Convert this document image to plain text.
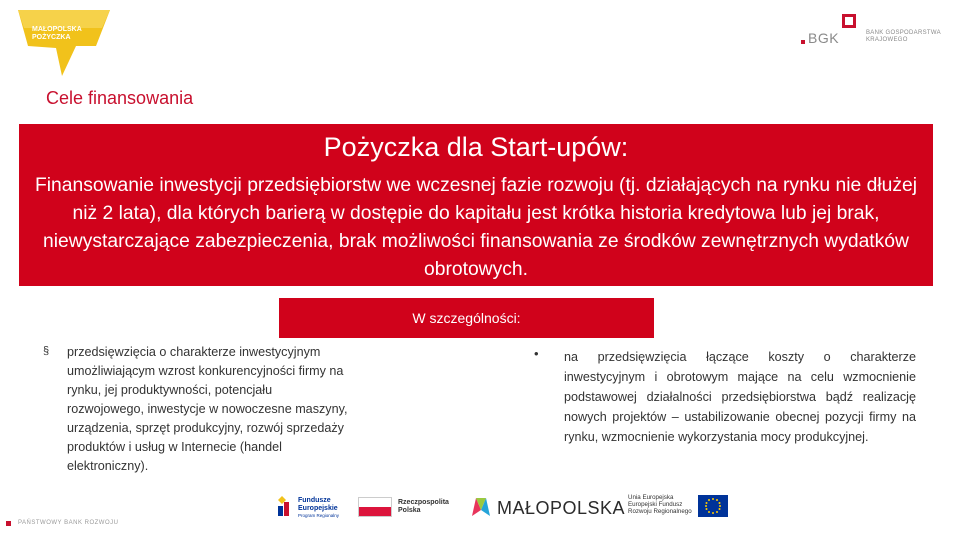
MAŁOPOLSKA POŻYCZKA	BGK	BANK GOSPODARSTWA KRAJOWEGO
Cele finansowania
Pożyczka dla Start-upów:
Finansowanie inwestycji przedsiębiorstw we wczesnej fazie rozwoju (tj. działających na rynku nie dłużej niż 2 lata), dla których barierą w dostępie do kapitału jest krótka historia kredytowa lub jej brak, niewystarczające zabezpieczenia, brak możliwości finansowania ze środków zewnętrznych wydatków obrotowych.
W szczególności:
§ przedsięwzięcia o charakterze inwestycyjnym umożliwiającym wzrost konkurencyjności firmy na rynku, jej produktywności, potencjału rozwojowego, inwestycje w nowoczesne maszyny, urządzenia, sprzęt produkcyjny, rozwój sprzedaży produktów i usług w Internecie (handel elektroniczny).
• na przedsięwzięcia łączące koszty o charakterze inwestycyjnym i obrotowym mające na celu wzmocnienie podstawowej działalności przedsiębiorstwa bądź realizację nowych projektów – ustabilizowanie obecnej pozycji firmy na rynku, wzmocnienie wykorzystania mocy produkcyjnej.
PAŃSTWOWY BANK ROZWOJU
Fundusze
Europejskie
Program Regionalny
Rzeczpospolita Polska	MAŁOPOLSKA
Unia Europejska Europejski Fundusz Rozwoju Regionalnego
